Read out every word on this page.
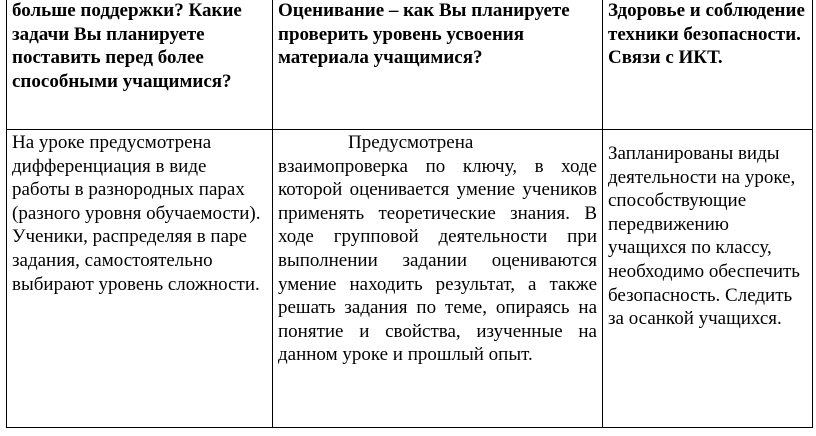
больше поддержки? Какие задачи Вы планируете поставить перед более способными учащимися?	Оценивание – как Вы планируете проверить уровень усвоения материала учащимися?	Здоровье и соблюдение техники безопасности. Связи с ИКТ.

На уроке предусмотрена дифференциация в виде работы в разнородных парах (разного уровня обучаемости). Ученики, распределяя в паре задания, самостоятельно выбирают уровень сложности.	Предусмотрена взаимопроверка по ключу, в ходе которой оценивается умение учеников применять теоретические знания. В ходе групповой деятельности при выполнении задании оцениваются умение находить результат, а также решать задания по теме, опираясь на понятие и свойства, изученные на данном уроке и прошлый опыт.	Запланированы виды деятельности на уроке, способствующие передвижению учащихся по классу, необходимо обеспечить безопасность. Следить за осанкой учащихся.
